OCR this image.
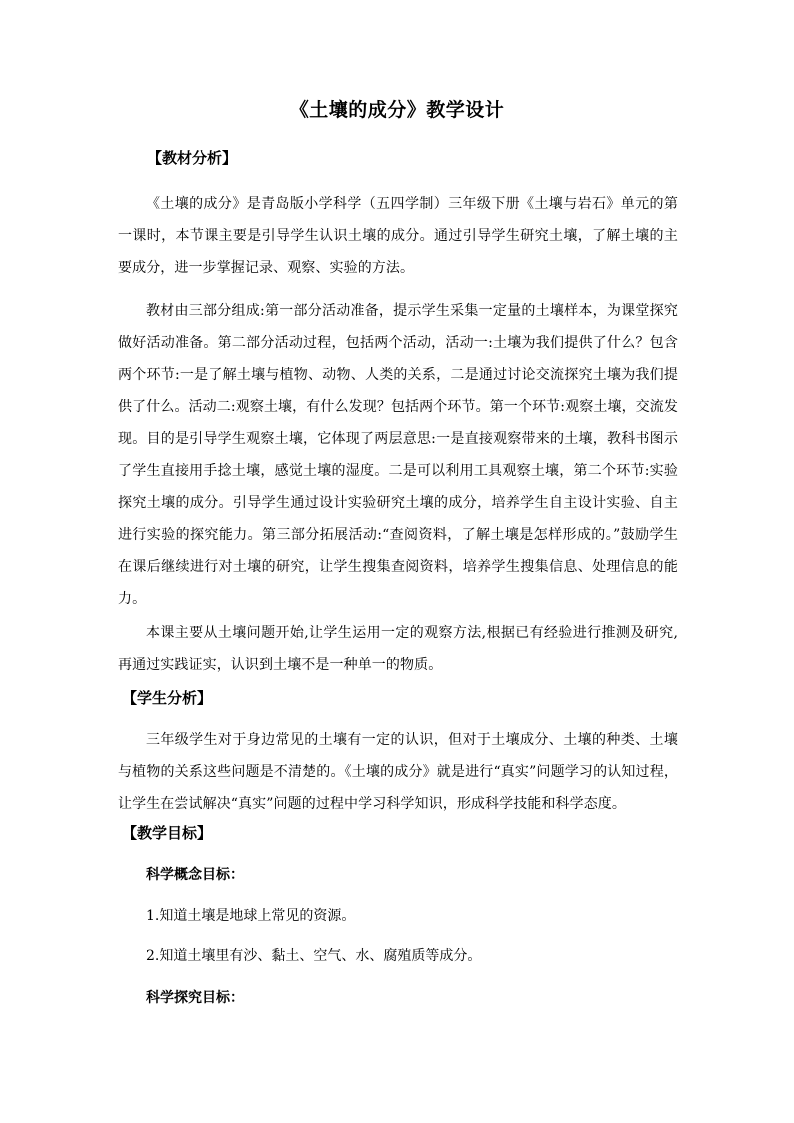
《土壤的成分》教学设计
【教材分析】

《土壤的成分》是青岛版小学科学（五四学制）三年级下册《土壤与岩石》单元的第一课时，本节课主要是引导学生认识土壤的成分。通过引导学生研究土壤，了解土壤的主要成分，进一步掌握记录、观察、实验的方法。

教材由三部分组成:第一部分活动准备，提示学生采集一定量的土壤样本，为课堂探究做好活动准备。第二部分活动过程，包括两个活动，活动一:土壤为我们提供了什么？包含两个环节:一是了解土壤与植物、动物、人类的关系，二是通过讨论交流探究土壤为我们提供了什么。活动二:观察土壤，有什么发现？包括两个环节。第一个环节:观察土壤，交流发现。目的是引导学生观察土壤，它体现了两层意思:一是直接观察带来的土壤，教科书图示了学生直接用手捻土壤，感觉土壤的湿度。二是可以利用工具观察土壤，第二个环节:实验探究土壤的成分。引导学生通过设计实验研究土壤的成分，培养学生自主设计实验、自主进行实验的探究能力。第三部分拓展活动:“查阅资料，了解土壤是怎样形成的。”鼓励学生在课后继续进行对土壤的研究，让学生搜集查阅资料，培养学生搜集信息、处理信息的能力。

本课主要从土壤问题开始,让学生运用一定的观察方法,根据已有经验进行推测及研究,再通过实践证实，认识到土壤不是一种单一的物质。

【学生分析】

三年级学生对于身边常见的土壤有一定的认识，但对于土壤成分、土壤的种类、土壤与植物的关系这些问题是不清楚的。《土壤的成分》就是进行“真实”问题学习的认知过程，让学生在尝试解决“真实”问题的过程中学习科学知识，形成科学技能和科学态度。

【教学目标】
科学概念目标：
1.知道土壤是地球上常见的资源。
2.知道土壤里有沙、黏土、空气、水、腐殖质等成分。
科学探究目标：
